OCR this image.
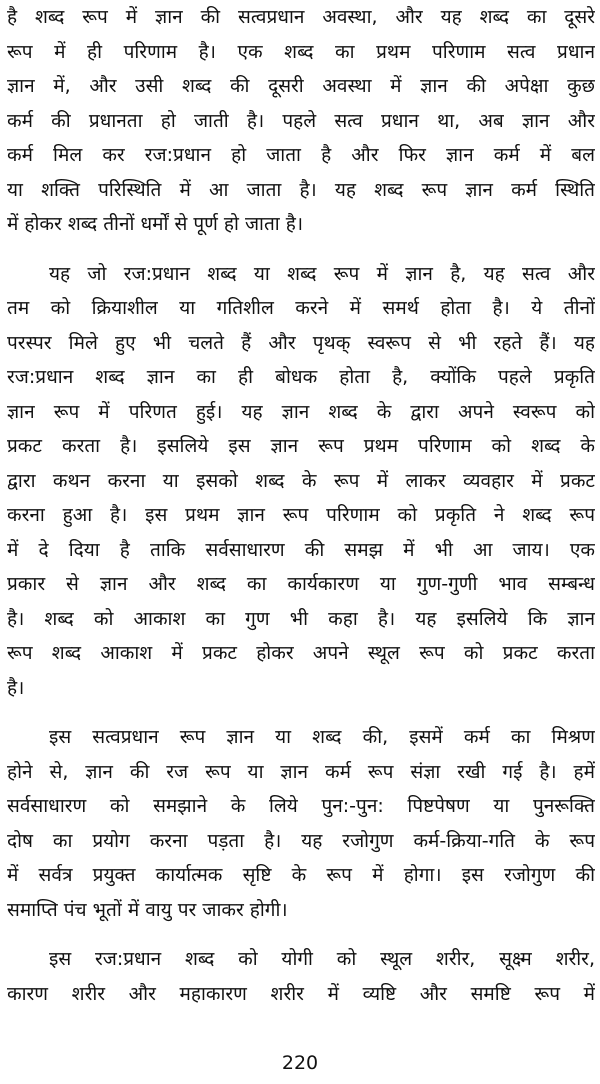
है शब्द रूप में ज्ञान की सत्वप्रधान अवस्था, और यह शब्द का दूसरे
रूप में ही परिणाम है। एक शब्द का प्रथम परिणाम सत्व प्रधान
ज्ञान में, और उसी शब्द की दूसरी अवस्था में ज्ञान की अपेक्षा कुछ
कर्म की प्रधानता हो जाती है। पहले सत्व प्रधान था, अब ज्ञान और
कर्म मिल कर रज:प्रधान हो जाता है और फिर ज्ञान कर्म में बल
या शक्ति परिस्थिति में आ जाता है। यह शब्द रूप ज्ञान कर्म स्थिति
में होकर शब्द तीनों धर्मों से पूर्ण हो जाता है।
यह जो रज:प्रधान शब्द या शब्द रूप में ज्ञान है, यह सत्व और
तम को क्रियाशील या गतिशील करने में समर्थ होता है। ये तीनों
परस्पर मिले हुए भी चलते हैं और पृथक् स्वरूप से भी रहते हैं। यह
रज:प्रधान शब्द ज्ञान का ही बोधक होता है, क्योंकि पहले प्रकृति
ज्ञान रूप में परिणत हुई। यह ज्ञान शब्द के द्वारा अपने स्वरूप को
प्रकट करता है। इसलिये इस ज्ञान रूप प्रथम परिणाम को शब्द के
द्वारा कथन करना या इसको शब्द के रूप में लाकर व्यवहार में प्रकट
करना हुआ है। इस प्रथम ज्ञान रूप परिणाम को प्रकृति ने शब्द रूप
में दे दिया है ताकि सर्वसाधारण की समझ में भी आ जाय। एक
प्रकार से ज्ञान और शब्द का कार्यकारण या गुण-गुणी भाव सम्बन्ध
है। शब्द को आकाश का गुण भी कहा है। यह इसलिये कि ज्ञान
रूप शब्द आकाश में प्रकट होकर अपने स्थूल रूप को प्रकट करता
है।
इस सत्वप्रधान रूप ज्ञान या शब्द की, इसमें कर्म का मिश्रण
होने से, ज्ञान की रज रूप या ज्ञान कर्म रूप संज्ञा रखी गई है। हमें
सर्वसाधारण को समझाने के लिये पुन:-पुन: पिष्टपेषण या पुनरूक्ति
दोष का प्रयोग करना पड़ता है। यह रजोगुण कर्म-क्रिया-गति के रूप
में सर्वत्र प्रयुक्त कार्यात्मक सृष्टि के रूप में होगा। इस रजोगुण की
समाप्ति पंच भूतों में वायु पर जाकर होगी।
इस रज:प्रधान शब्द को योगी को स्थूल शरीर, सूक्ष्म शरीर,
कारण शरीर और महाकारण शरीर में व्यष्टि और समष्टि रूप में
220
